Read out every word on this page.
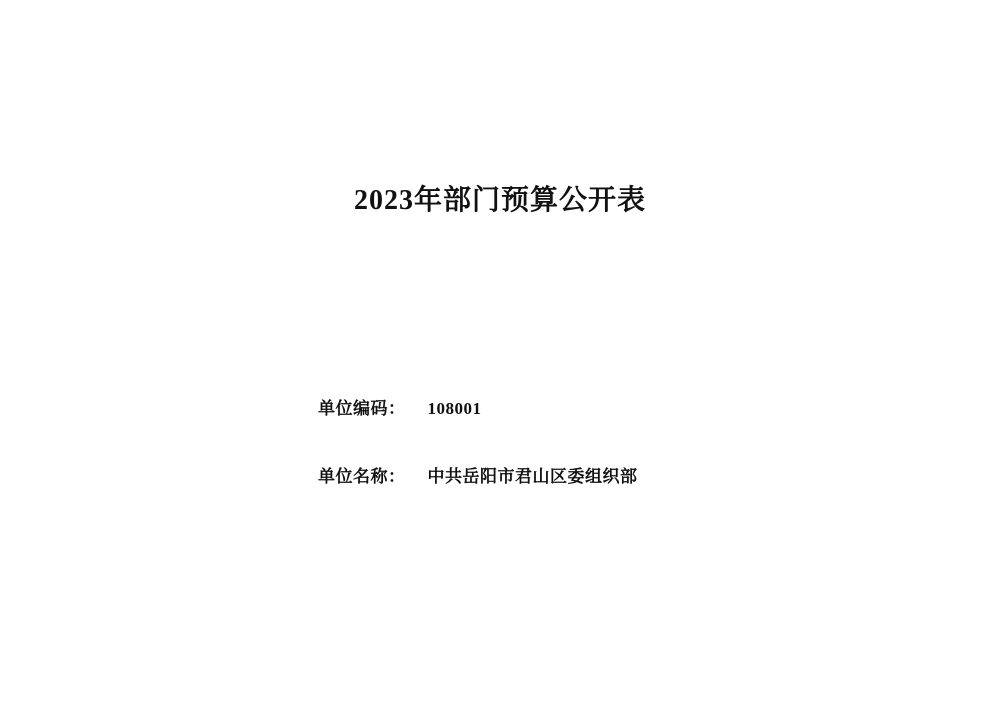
2023年部门预算公开表
单位编码： 108001
单位名称： 中共岳阳市君山区委组织部
